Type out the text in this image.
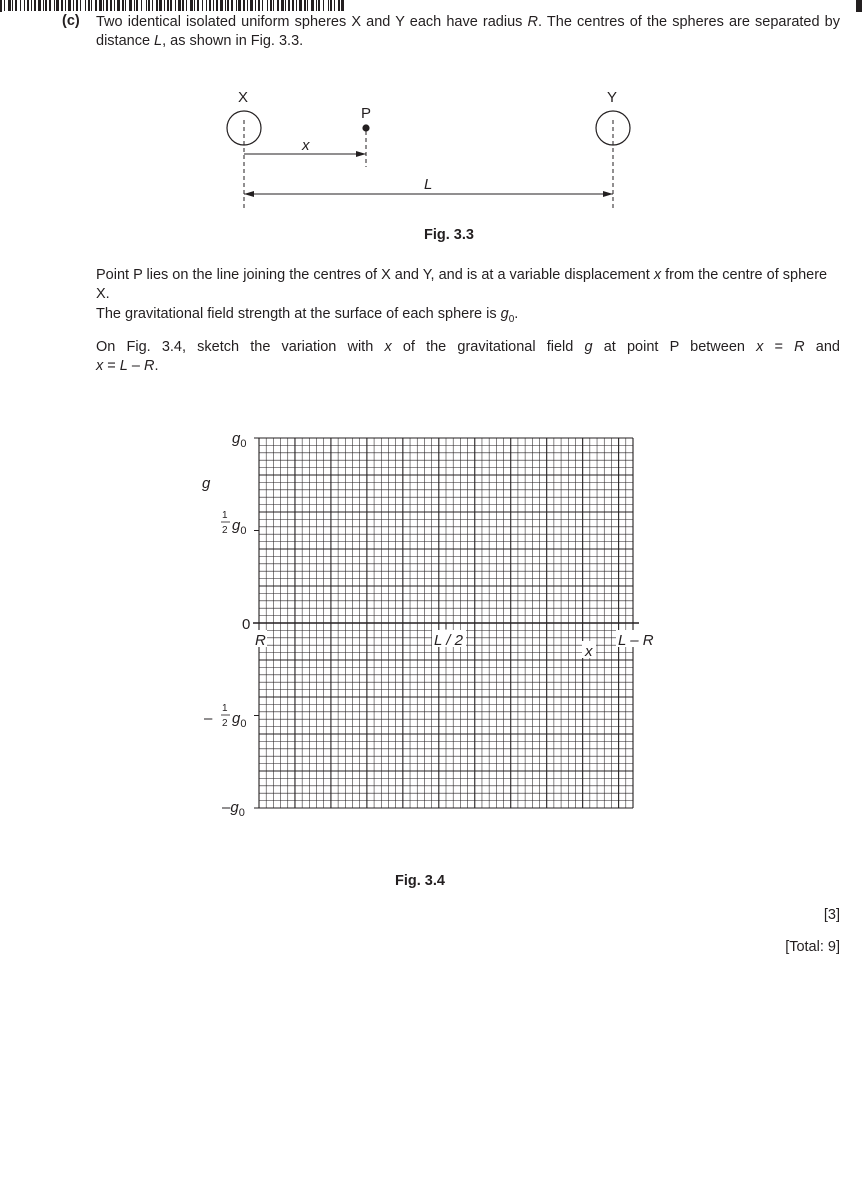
(c) Two identical isolated uniform spheres X and Y each have radius R. The centres of the spheres are separated by distance L, as shown in Fig. 3.3.
X	Y
P
x
L
Fig. 3.3
Point P lies on the line joining the centres of X and Y, and is at a variable displacement x from the centre of sphere X.
The gravitational field strength at the surface of each sphere is $g_0$.
On Fig. 3.4, sketch the variation with x of the gravitational field g at point P between x = R and
x = L – R.
g
$g_0$
1
2 $g_0$
0
–
1
2 $g_0$
$-g_0$
R	L / 2
x
L – R
Fig. 3.4
[3]
[Total: 9]
